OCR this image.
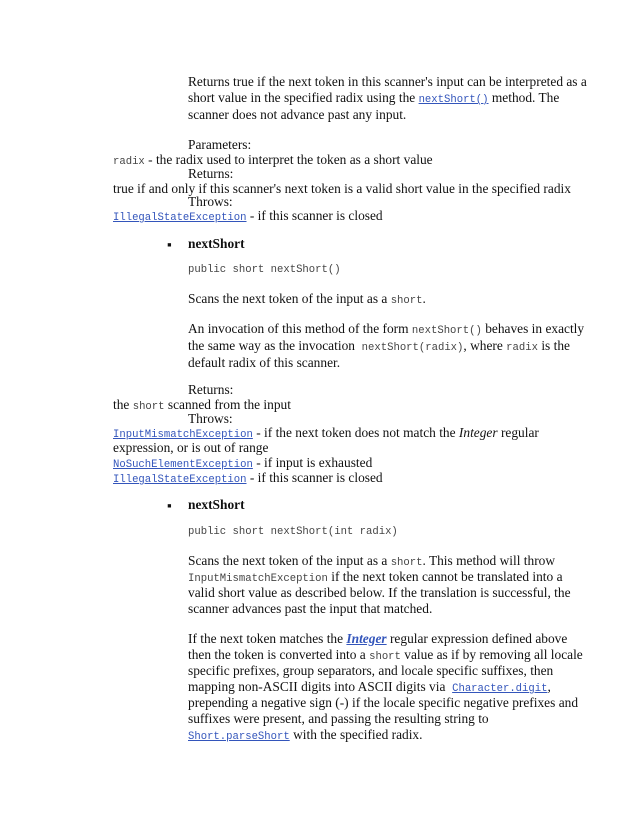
Returns true if the next token in this scanner's input can be interpreted as a
short value in the specified radix using the nextShort() method. The
scanner does not advance past any input.
Parameters:
radix - the radix used to interpret the token as a short value
Returns:
true if and only if this scanner's next token is a valid short value in the specified radix
Throws:
IllegalStateException - if this scanner is closed
▪ nextShort
public short nextShort()
Scans the next token of the input as a short.
An invocation of this method of the form nextShort() behaves in exactly
the same way as the invocation nextShort(radix), where radix is the
default radix of this scanner.
Returns:
the short scanned from the input
Throws:
InputMismatchException - if the next token does not match the Integer regular
expression, or is out of range
NoSuchElementException - if input is exhausted
IllegalStateException - if this scanner is closed
▪ nextShort
public short nextShort(int radix)
Scans the next token of the input as a short. This method will throw
InputMismatchException if the next token cannot be translated into a
valid short value as described below. If the translation is successful, the
scanner advances past the input that matched.
If the next token matches the Integer regular expression defined above
then the token is converted into a short value as if by removing all locale
specific prefixes, group separators, and locale specific suffixes, then
mapping non-ASCII digits into ASCII digits via Character.digit,
prepending a negative sign (-) if the locale specific negative prefixes and
suffixes were present, and passing the resulting string to
Short.parseShort with the specified radix.
